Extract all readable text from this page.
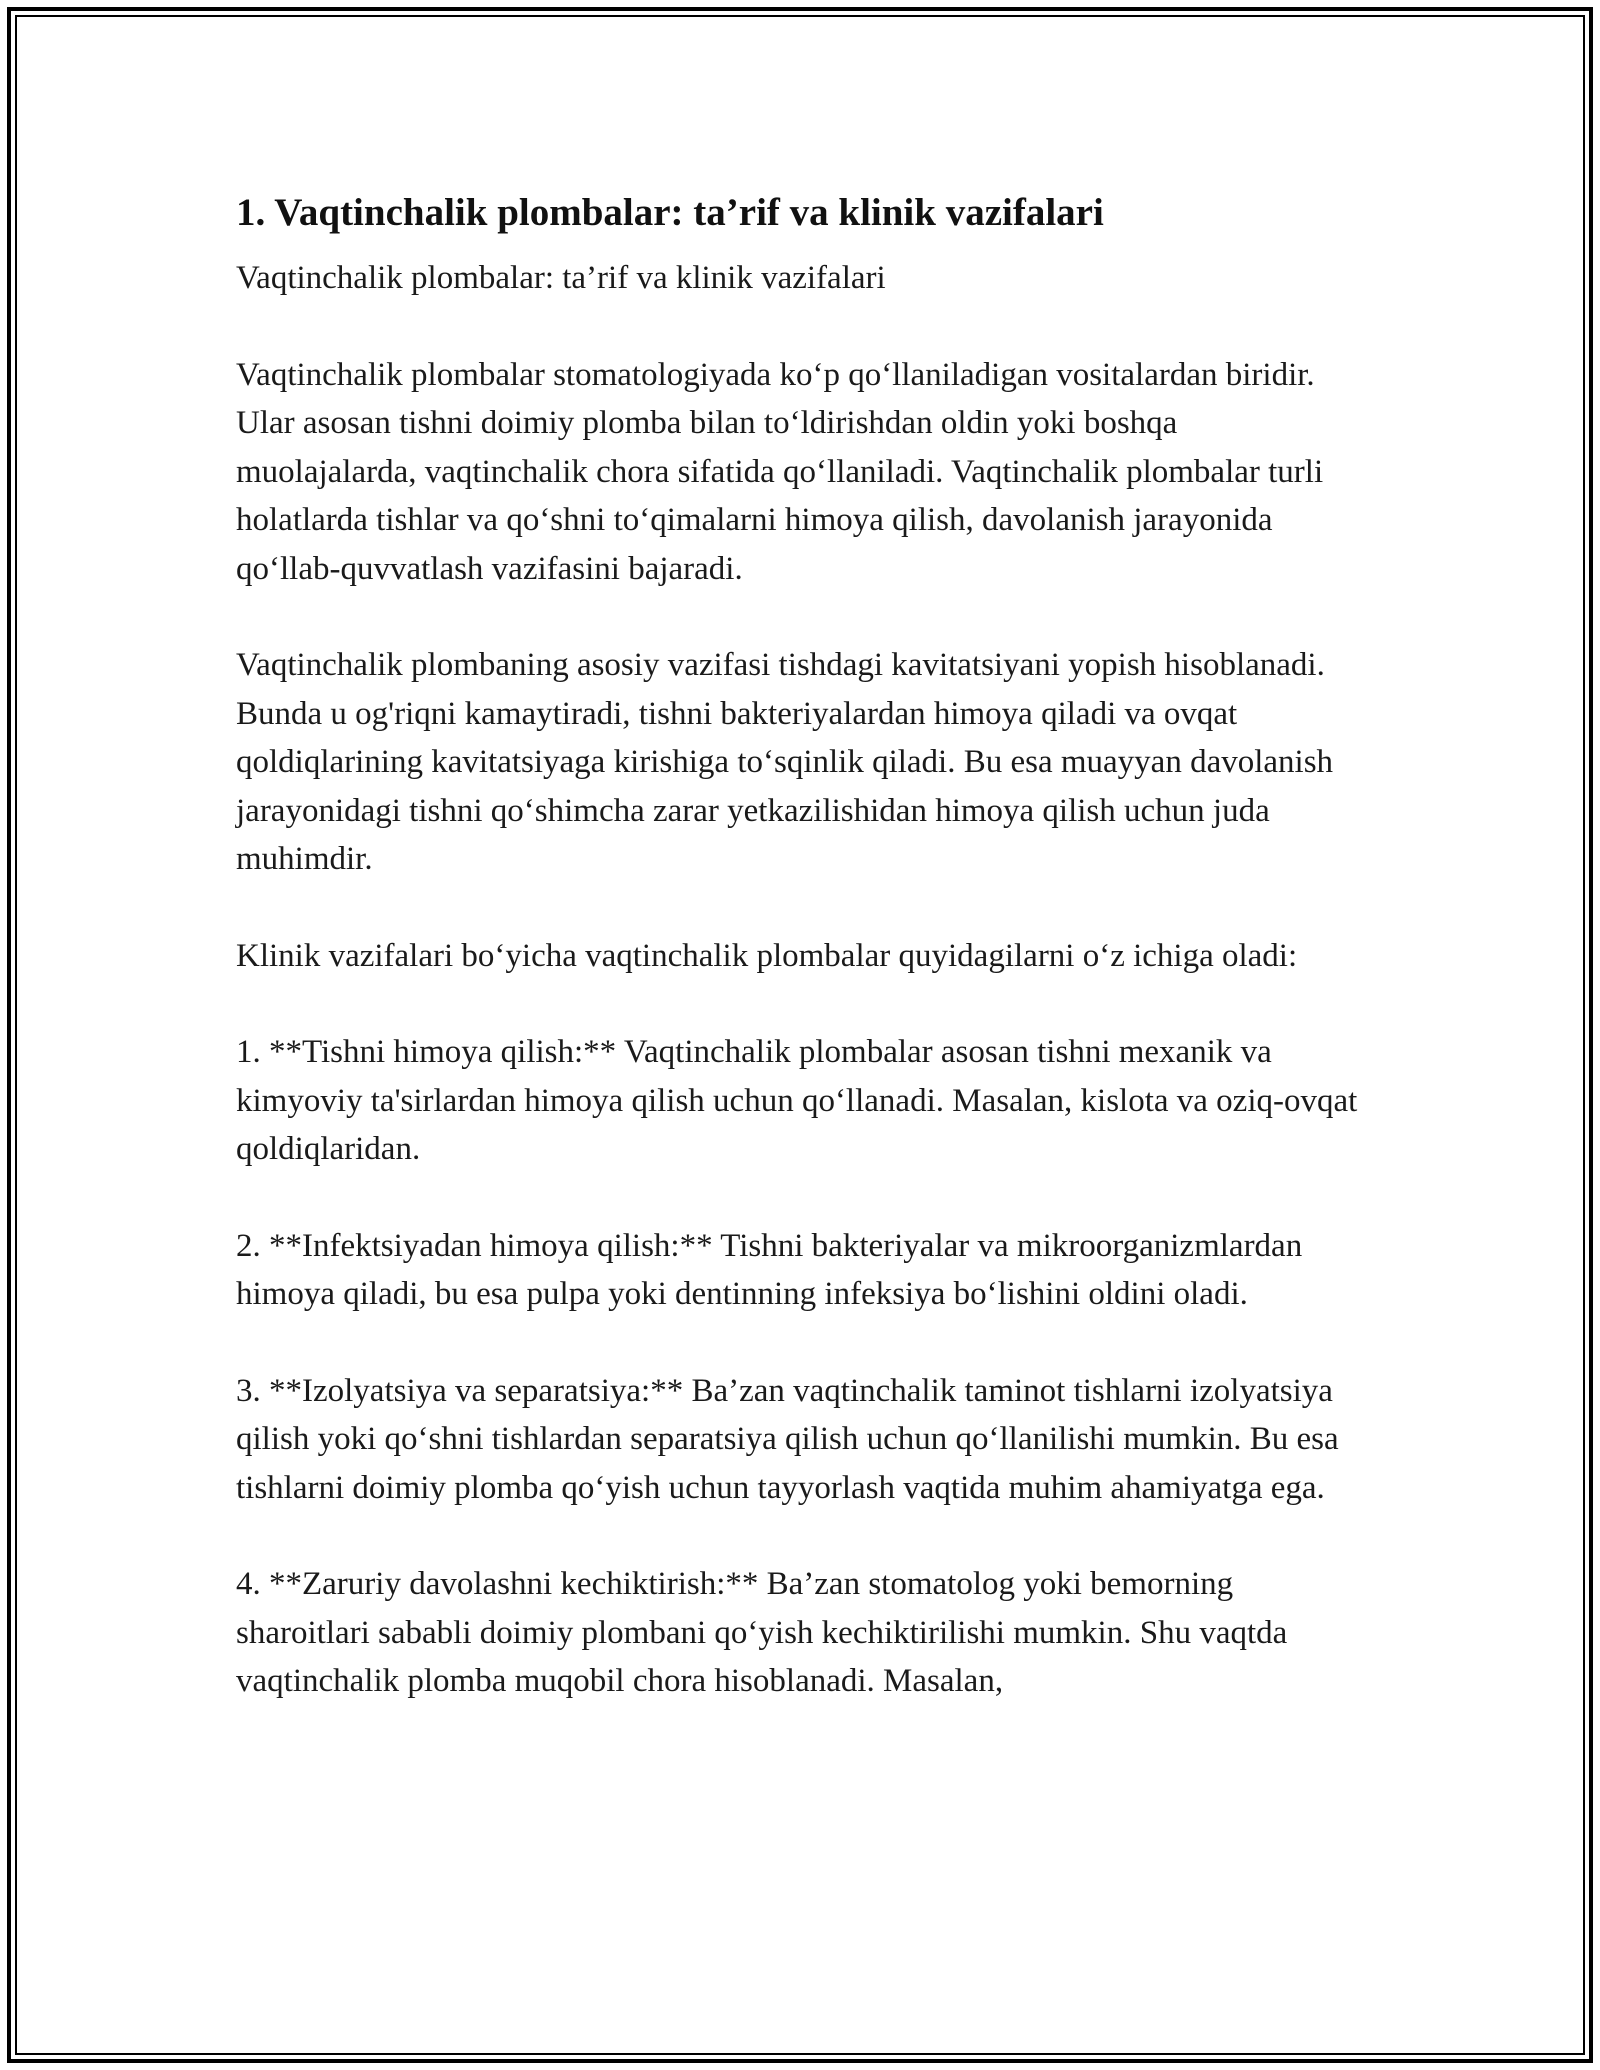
1. Vaqtinchalik plombalar: ta’rif va klinik vazifalari

Vaqtinchalik plombalar: ta’rif va klinik vazifalari

Vaqtinchalik plombalar stomatologiyada ko‘p qo‘llaniladigan vositalardan biridir. Ular asosan tishni doimiy plomba bilan to‘ldirishdan oldin yoki boshqa muolajalarda, vaqtinchalik chora sifatida qo‘llaniladi. Vaqtinchalik plombalar turli holatlarda tishlar va qo‘shni to‘qimalarni himoya qilish, davolanish jarayonida qo‘llab-quvvatlash vazifasini bajaradi.

Vaqtinchalik plombaning asosiy vazifasi tishdagi kavitatsiyani yopish hisoblanadi. Bunda u og'riqni kamaytiradi, tishni bakteriyalardan himoya qiladi va ovqat qoldiqlarining kavitatsiyaga kirishiga to‘sqinlik qiladi. Bu esa muayyan davolanish jarayonidagi tishni qo‘shimcha zarar yetkazilishidan himoya qilish uchun juda muhimdir.

Klinik vazifalari bo‘yicha vaqtinchalik plombalar quyidagilarni o‘z ichiga oladi:

1. **Tishni himoya qilish:** Vaqtinchalik plombalar asosan tishni mexanik va kimyoviy ta'sirlardan himoya qilish uchun qo‘llanadi. Masalan, kislota va oziq-ovqat qoldiqlaridan.

2. **Infektsiyadan himoya qilish:** Tishni bakteriyalar va mikroorganizmlardan himoya qiladi, bu esa pulpa yoki dentinning infeksiya bo‘lishini oldini oladi.

3. **Izolyatsiya va separatsiya:** Ba’zan vaqtinchalik taminot tishlarni izolyatsiya qilish yoki qo‘shni tishlardan separatsiya qilish uchun qo‘llanilishi mumkin. Bu esa tishlarni doimiy plomba qo‘yish uchun tayyorlash vaqtida muhim ahamiyatga ega.

4. **Zaruriy davolashni kechiktirish:** Ba’zan stomatolog yoki bemorning sharoitlari sababli doimiy plombani qo‘yish kechiktirilishi mumkin. Shu vaqtda vaqtinchalik plomba muqobil chora hisoblanadi. Masalan,
